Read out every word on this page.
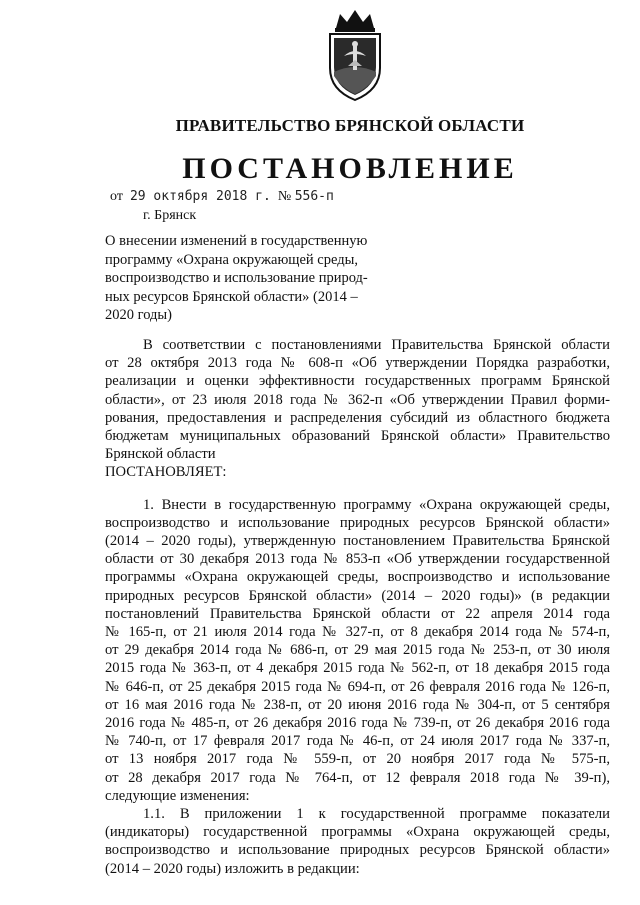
ПРАВИТЕЛЬСТВО БРЯНСКОЙ ОБЛАСТИ
ПОСТАНОВЛЕНИЕ
от 29 октября 2018 г. № 556-п
г. Брянск
О внесении изменений в государственную
программу «Охрана окружающей среды,
воспроизводство и использование природ-
ных ресурсов Брянской области» (2014 –
2020 годы)
В соответствии с постановлениями Правительства Брянской области
от 28 октября 2013 года № 608-п «Об утверждении Порядка разработки,
реализации и оценки эффективности государственных программ Брянской
области», от 23 июля 2018 года № 362-п «Об утверждении Правил форми-
рования, предоставления и распределения субсидий из областного бюджета
бюджетам муниципальных образований Брянской области» Правительство
Брянской области
ПОСТАНОВЛЯЕТ:
1. Внести в государственную программу «Охрана окружающей среды,
воспроизводство и использование природных ресурсов Брянской области»
(2014 – 2020 годы), утвержденную постановлением Правительства Брянской
области от 30 декабря 2013 года № 853-п «Об утверждении государственной
программы «Охрана окружающей среды, воспроизводство и использование
природных ресурсов Брянской области» (2014 – 2020 годы)» (в редакции
постановлений Правительства Брянской области от 22 апреля 2014 года
№ 165-п, от 21 июля 2014 года № 327-п, от 8 декабря 2014 года № 574-п,
от 29 декабря 2014 года № 686-п, от 29 мая 2015 года № 253-п, от 30 июля
2015 года № 363-п, от 4 декабря 2015 года № 562-п, от 18 декабря 2015 года
№ 646-п, от 25 декабря 2015 года № 694-п, от 26 февраля 2016 года № 126-п,
от 16 мая 2016 года № 238-п, от 20 июня 2016 года № 304-п, от 5 сентября
2016 года № 485-п, от 26 декабря 2016 года № 739-п, от 26 декабря 2016 года
№ 740-п, от 17 февраля 2017 года № 46-п, от 24 июля 2017 года № 337-п,
от 13 ноября 2017 года № 559-п, от 20 ноября 2017 года № 575-п,
от 28 декабря 2017 года № 764-п, от 12 февраля 2018 года № 39-п),
следующие изменения:
1.1. В приложении 1 к государственной программе показатели
(индикаторы) государственной программы «Охрана окружающей среды,
воспроизводство и использование природных ресурсов Брянской области»
(2014 – 2020 годы) изложить в редакции:
